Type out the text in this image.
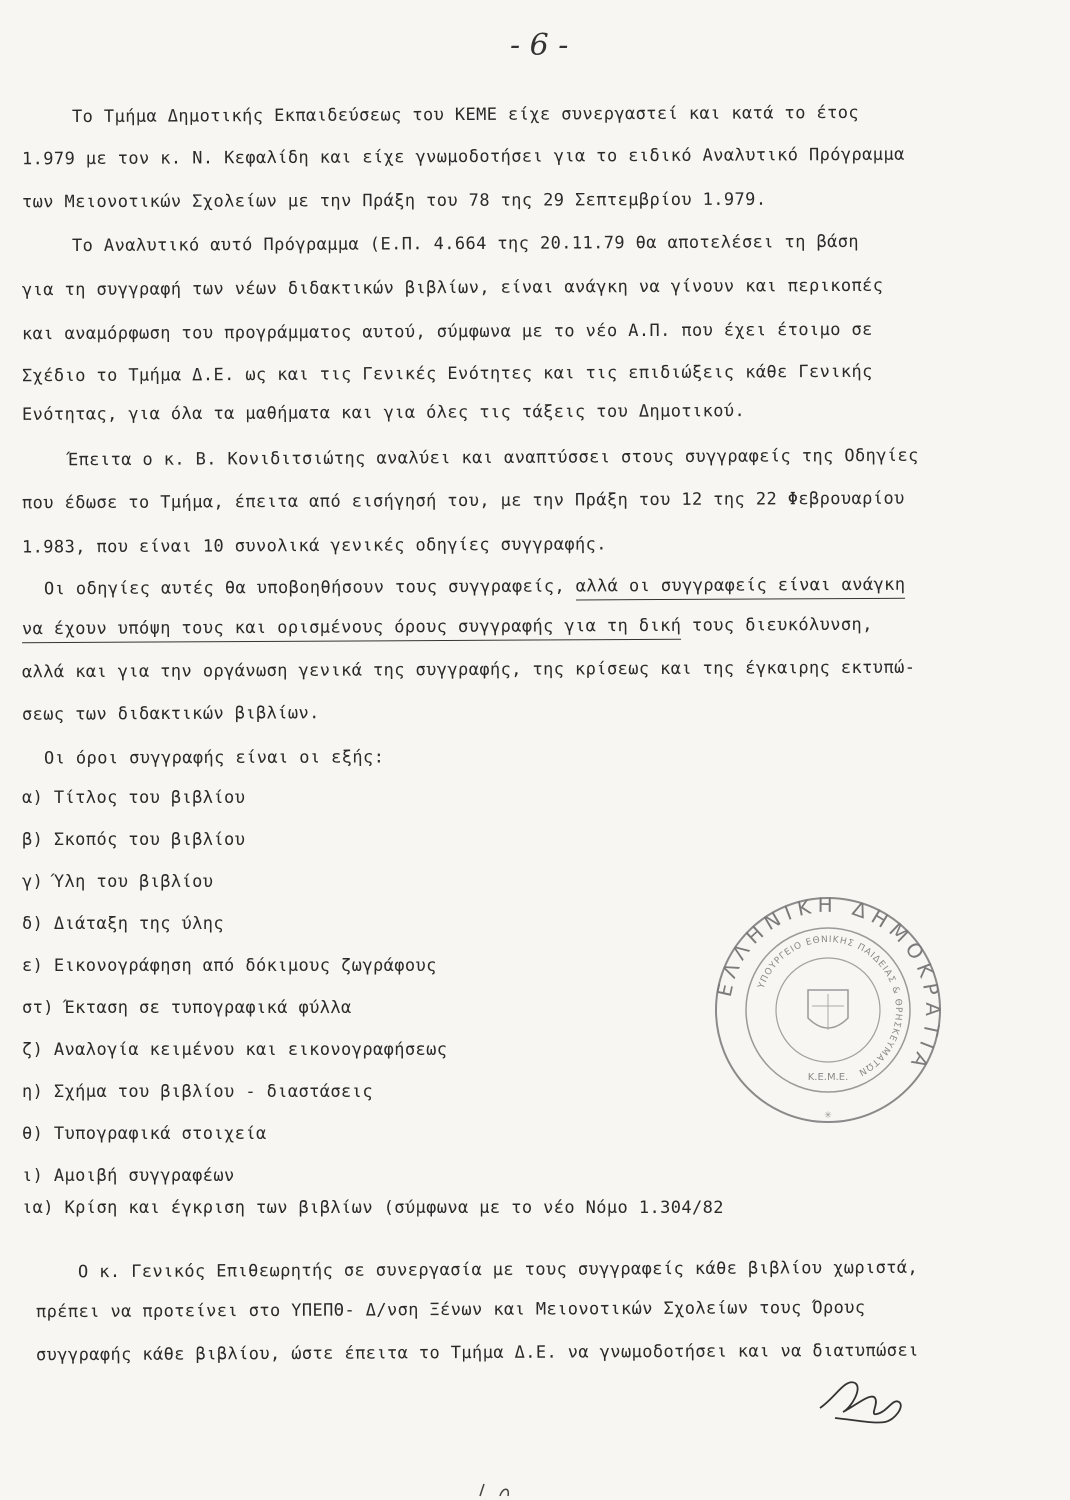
- 6 -
Το Τμήμα Δημοτικής Εκπαιδεύσεως του ΚΕΜΕ είχε συνεργαστεί και κατά το έτος
1.979 με τον κ. Ν. Κεφαλίδη και είχε γνωμοδοτήσει για το ειδικό Αναλυτικό Πρόγραμμα
των Μειονοτικών Σχολείων με την Πράξη του 78 της 29 Σεπτεμβρίου 1.979.
Το Αναλυτικό αυτό Πρόγραμμα (Ε.Π. 4.664 της 20.11.79 θα αποτελέσει τη βάση
για τη συγγραφή των νέων διδακτικών βιβλίων, είναι ανάγκη να γίνουν και περικοπές
και αναμόρφωση του προγράμματος αυτού, σύμφωνα με το νέο Α.Π. που έχει έτοιμο σε
Σχέδιο το Τμήμα Δ.Ε. ως και τις Γενικές Ενότητες και τις επιδιώξεις κάθε Γενικής
Ενότητας, για όλα τα μαθήματα και για όλες τις τάξεις του Δημοτικού.
Έπειτα ο κ. Β. Κονιδιτσιώτης αναλύει και αναπτύσσει στους συγγραφείς της Οδηγίες
που έδωσε το Τμήμα, έπειτα από εισήγησή του, με την Πράξη του 12 της 22 Φεβρουαρίου
1.983, που είναι 10 συνολικά γενικές οδηγίες συγγραφής.
Οι οδηγίες αυτές θα υποβοηθήσουν τους συγγραφείς, αλλά οι συγγραφείς είναι ανάγκη
να έχουν υπόψη τους και ορισμένους όρους συγγραφής για τη δική τους διευκόλυνση,
αλλά και για την οργάνωση γενικά της συγγραφής, της κρίσεως και της έγκαιρης εκτυπώ-
σεως των διδακτικών βιβλίων.
Οι όροι συγγραφής είναι οι εξής:
α) Τίτλος του βιβλίου
β) Σκοπός του βιβλίου
γ) Ύλη του βιβλίου
δ) Διάταξη της ύλης
ε) Εικονογράφηση από δόκιμους ζωγράφους
στ) Έκταση σε τυπογραφικά φύλλα
ζ) Αναλογία κειμένου και εικονογραφήσεως
η) Σχήμα του βιβλίου - διαστάσεις
θ) Τυπογραφικά στοιχεία
ι) Αμοιβή συγγραφέων
ια) Κρίση και έγκριση των βιβλίων (σύμφωνα με το νέο Νόμο 1.304/82
Ο κ. Γενικός Επιθεωρητής σε συνεργασία με τους συγγραφείς κάθε βιβλίου χωριστά,
πρέπει να προτείνει στο ΥΠΕΠΘ- Δ/νση Ξένων και Μειονοτικών Σχολείων τους Όρους
συγγραφής κάθε βιβλίου, ώστε έπειτα το Τμήμα Δ.Ε. να γνωμοδοτήσει και να διατυπώσει
ΕΛΛΗΝΙΚΗ ΔΗΜΟΚΡΑΤΙΑ
ΥΠΟΥΡΓΕΙΟ ΕΘΝΙΚΗΣ ΠΑΙΔΕΙΑΣ & ΘΡΗΣΚΕΥΜΑΤΩΝ
Κ.Ε.Μ.Ε.
✳
